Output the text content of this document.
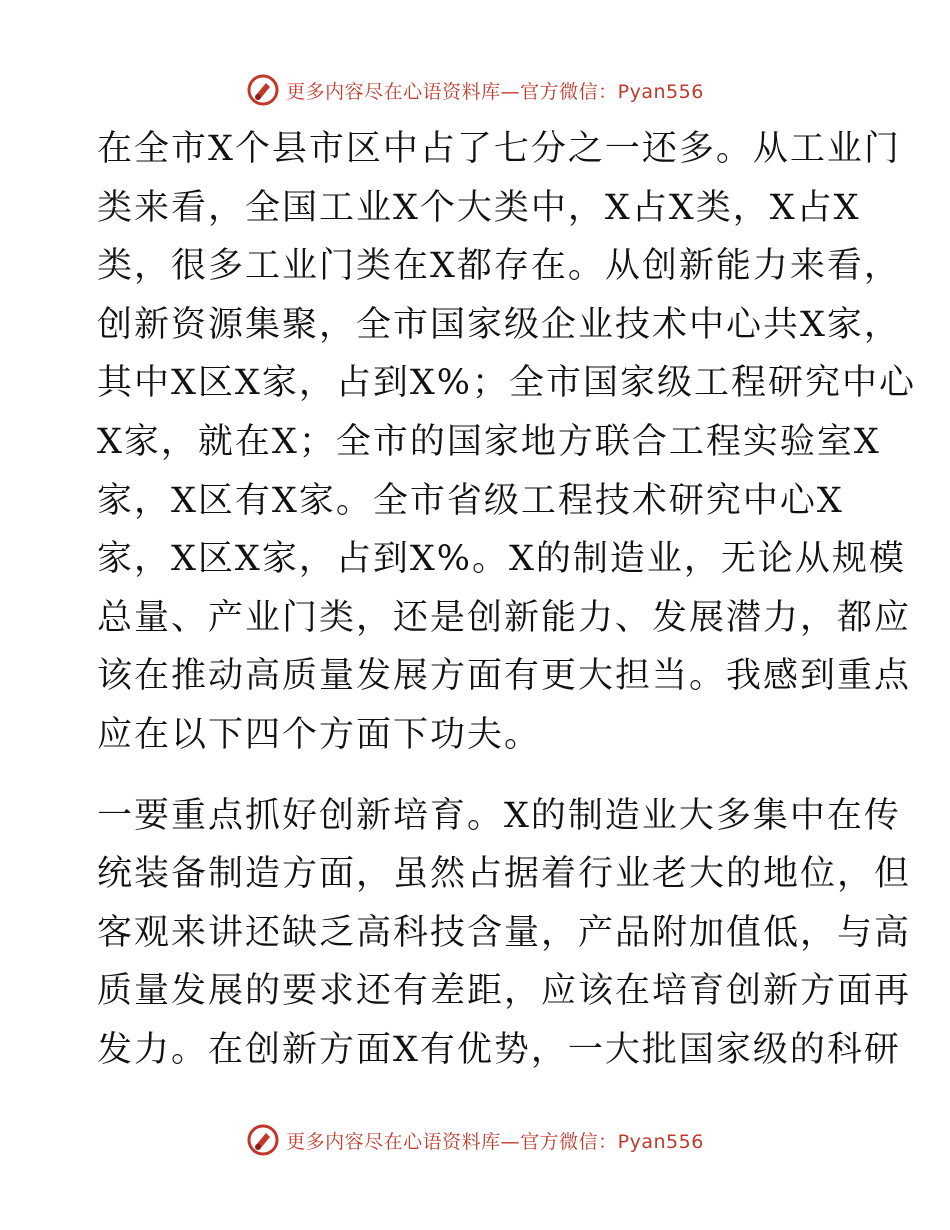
更多内容尽在心语资料库—官方微信：Pyan556

在全市X个县市区中占了七分之一还多。从工业门
类来看，全国工业X个大类中，X占X类，X占X
类，很多工业门类在X都存在。从创新能力来看，
创新资源集聚，全市国家级企业技术中心共X家，
其中X区X家，占到X%；全市国家级工程研究中心
X家，就在X；全市的国家地方联合工程实验室X
家，X区有X家。全市省级工程技术研究中心X
家，X区X家，占到X%。X的制造业，无论从规模
总量、产业门类，还是创新能力、发展潜力，都应
该在推动高质量发展方面有更大担当。我感到重点
应在以下四个方面下功夫。

一要重点抓好创新培育。X的制造业大多集中在传
统装备制造方面，虽然占据着行业老大的地位，但
客观来讲还缺乏高科技含量，产品附加值低，与高
质量发展的要求还有差距，应该在培育创新方面再
发力。在创新方面X有优势，一大批国家级的科研

更多内容尽在心语资料库—官方微信：Pyan556
